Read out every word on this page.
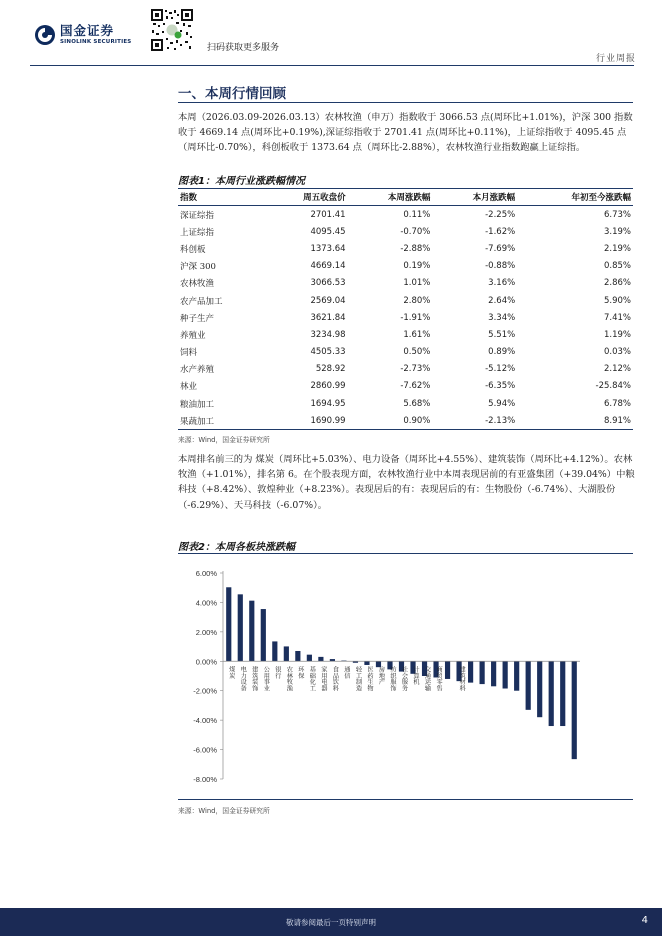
国金证券
SINOLINK SECURITIES
扫码获取更多服务
行业周报
一、本周行情回顾
本周（2026.03.09-2026.03.13）农林牧渔（申万）指数收于 3066.53 点(周环比+1.01%)，沪深 300 指数收于 4669.14 点(周环比+0.19%),深证综指收于 2701.41 点(周环比+0.11%)，上证综指收于 4095.45 点（周环比-0.70%），科创板收于 1373.64 点（周环比-2.88%），农林牧渔行业指数跑赢上证综指。
图表1：本周行业涨跌幅情况
指数	周五收盘价	本周涨跌幅	本月涨跌幅	年初至今涨跌幅
深证综指	2701.41	0.11%	-2.25%	6.73%
上证综指	4095.45	-0.70%	-1.62%	3.19%
科创板	1373.64	-2.88%	-7.69%	2.19%
沪深 300	4669.14	0.19%	-0.88%	0.85%
农林牧渔	3066.53	1.01%	3.16%	2.86%
农产品加工	2569.04	2.80%	2.64%	5.90%
种子生产	3621.84	-1.91%	3.34%	7.41%
养殖业	3234.98	1.61%	5.51%	1.19%
饲料	4505.33	0.50%	0.89%	0.03%
水产养殖	528.92	-2.73%	-5.12%	2.12%
林业	2860.99	-7.62%	-6.35%	-25.84%
粮油加工	1694.95	5.68%	5.94%	6.78%
果蔬加工	1690.99	0.90%	-2.13%	8.91%
来源：Wind，国金证券研究所
本周排名前三的为 煤炭（周环比+5.03%）、电力设备（周环比+4.55%）、建筑装饰（周环比+4.12%）。农林牧渔（+1.01%），排名第 6。在个股表现方面，农林牧渔行业中本周表现居前的有亚盛集团（+39.04%）中粮科技（+8.42%）、敦煌种业（+8.23%）。表现居后的有：表现居后的有：生物股份（-6.74%）、大湖股份（-6.29%）、天马科技（-6.07%）。
图表2：本周各板块涨跌幅
6.00%
4.00%
2.00%
0.00%
-2.00%
-4.00%
-6.00%
-8.00%
煤炭 电力设备 建筑装饰 公用事业 银行 农林牧渔 环保 基础化工 家用电器 食品饮料 通信 轻工制造 医药生物 房地产 纺织服饰 社会服务 计算机 交通运输 商贸零售	建筑材料
来源：Wind，国金证券研究所
敬请参阅最后一页特别声明	4
